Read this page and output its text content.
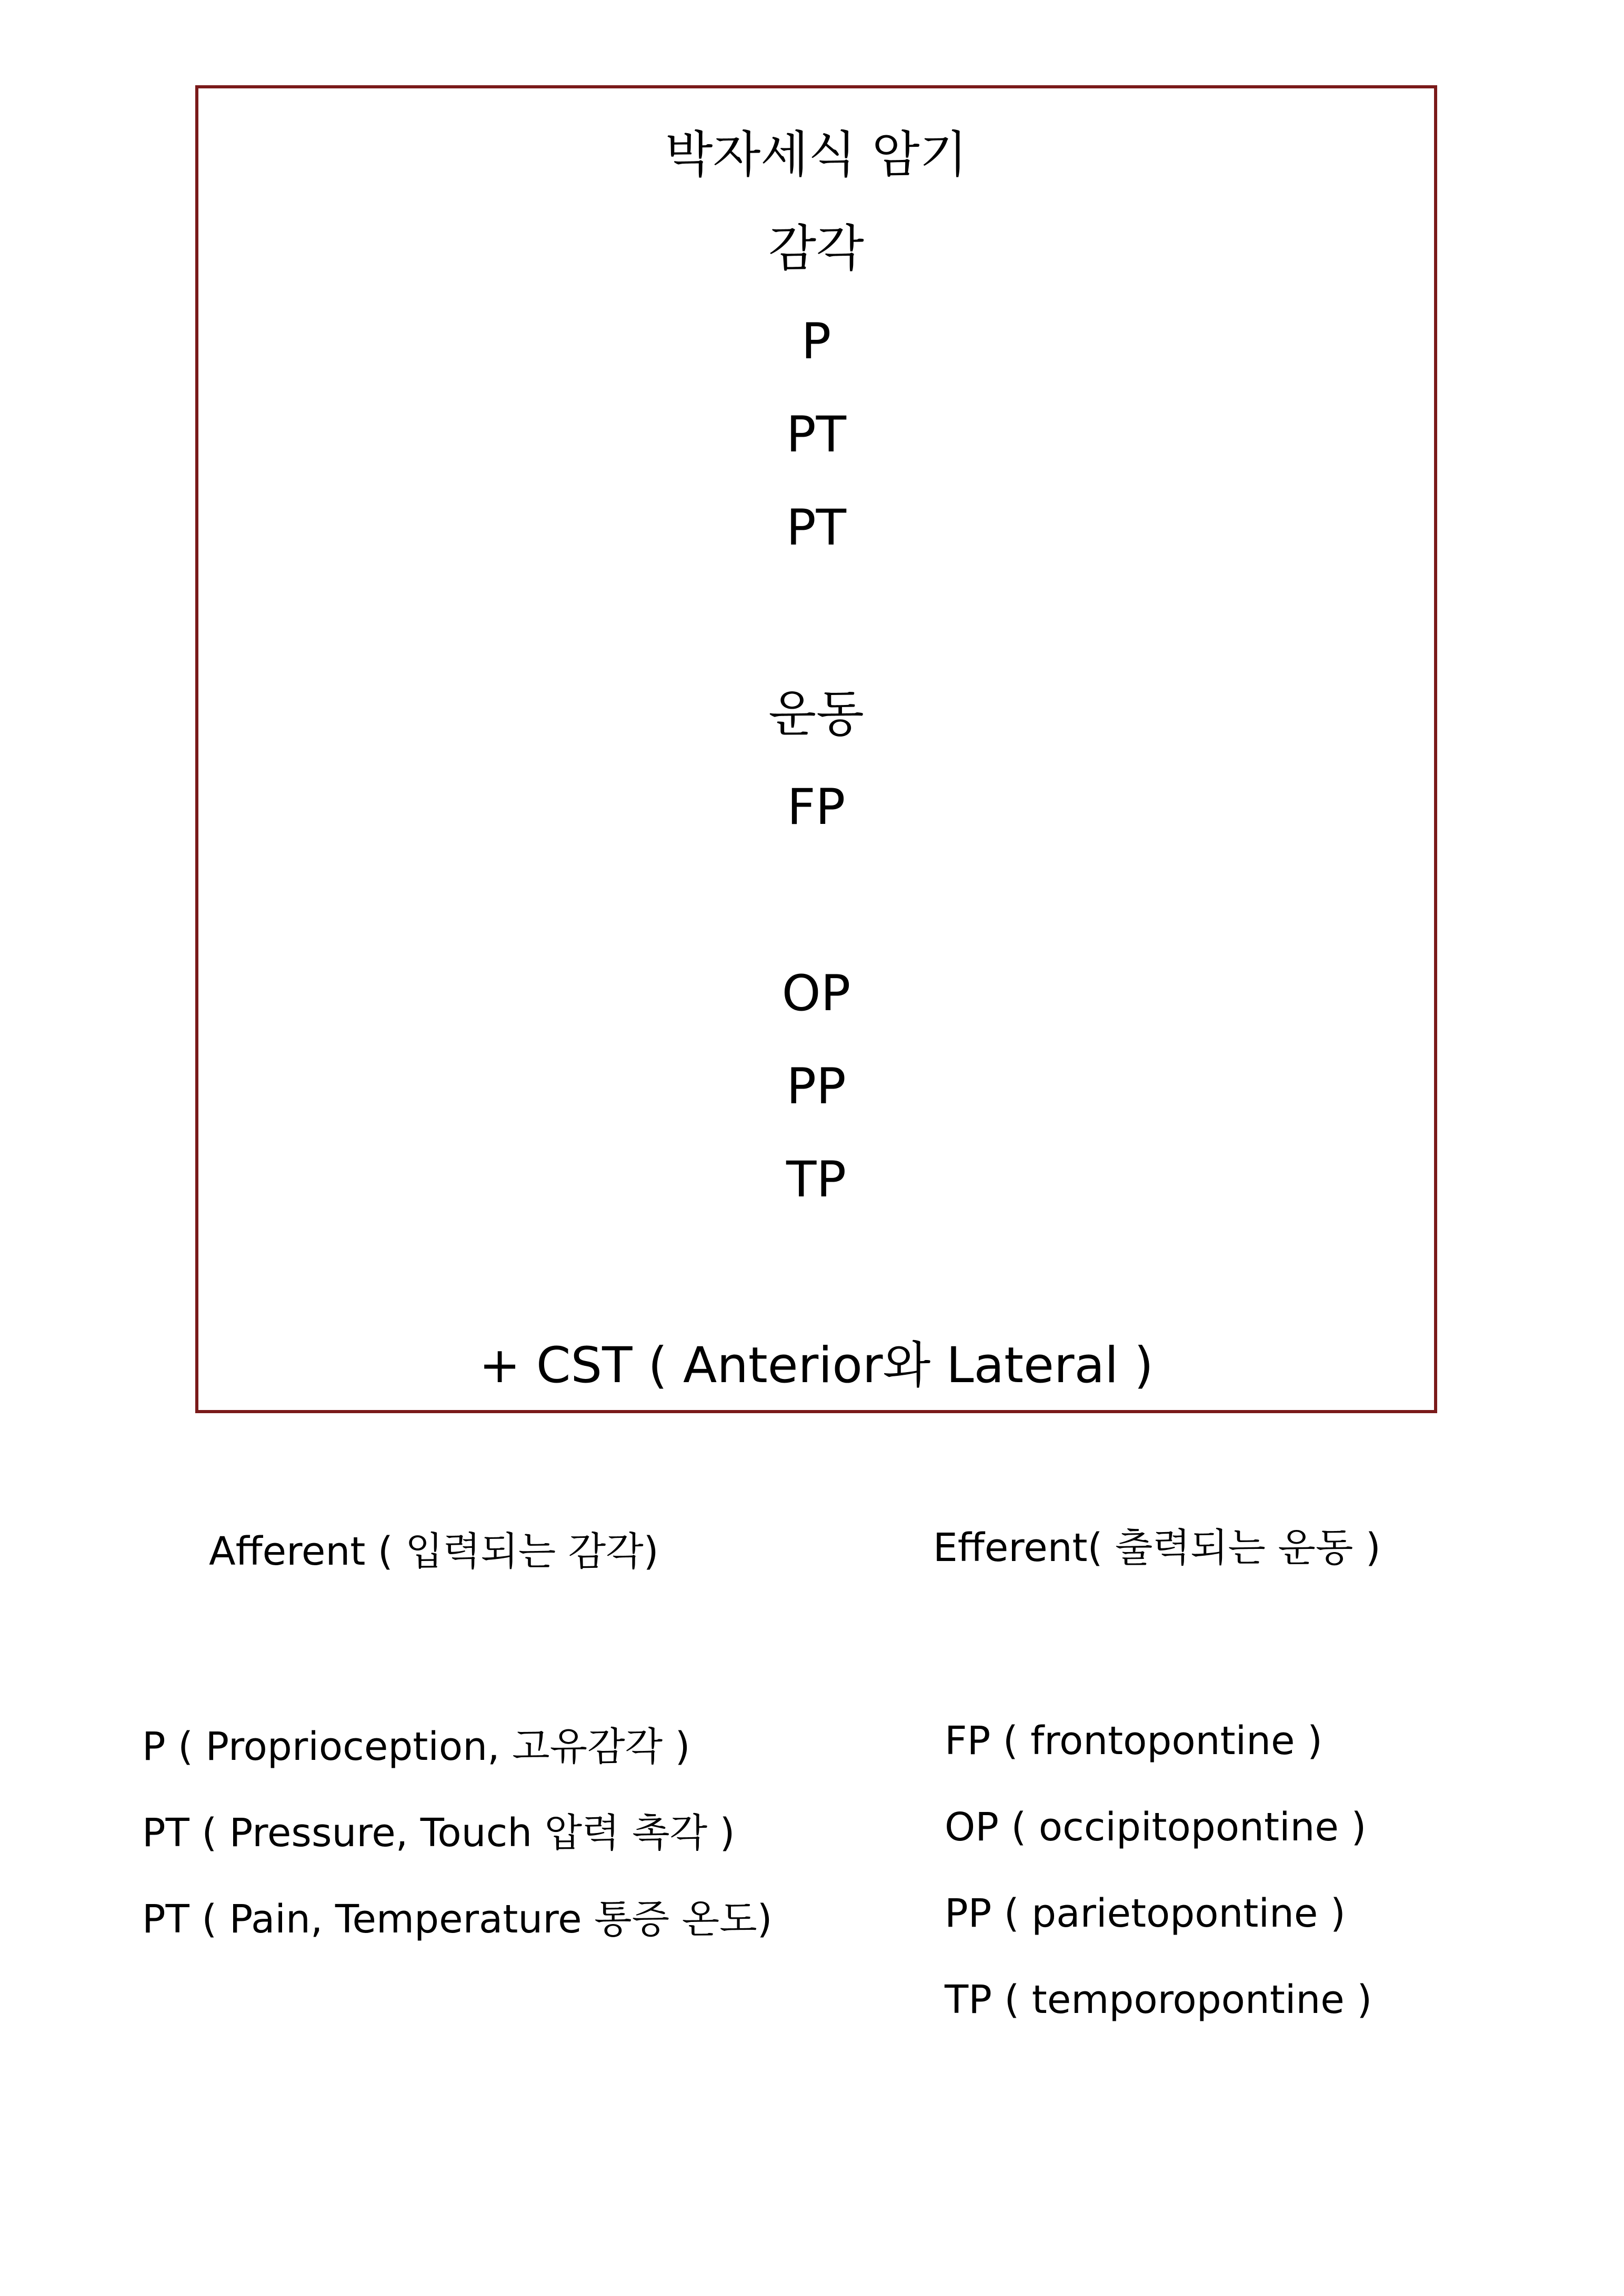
박자세식 암기
감각
P
PT
PT
운동
FP
OP
PP
TP
+ CST ( Anterior와 Lateral )
Afferent ( 입력되는 감각)
P ( Proprioception, 고유감각 )
PT ( Pressure, Touch 압력 촉각 )
PT ( Pain, Temperature 통증 온도)
Efferent( 출력되는 운동 )
FP ( frontopontine )
OP ( occipitopontine )
PP ( parietopontine )
TP ( temporopontine )
